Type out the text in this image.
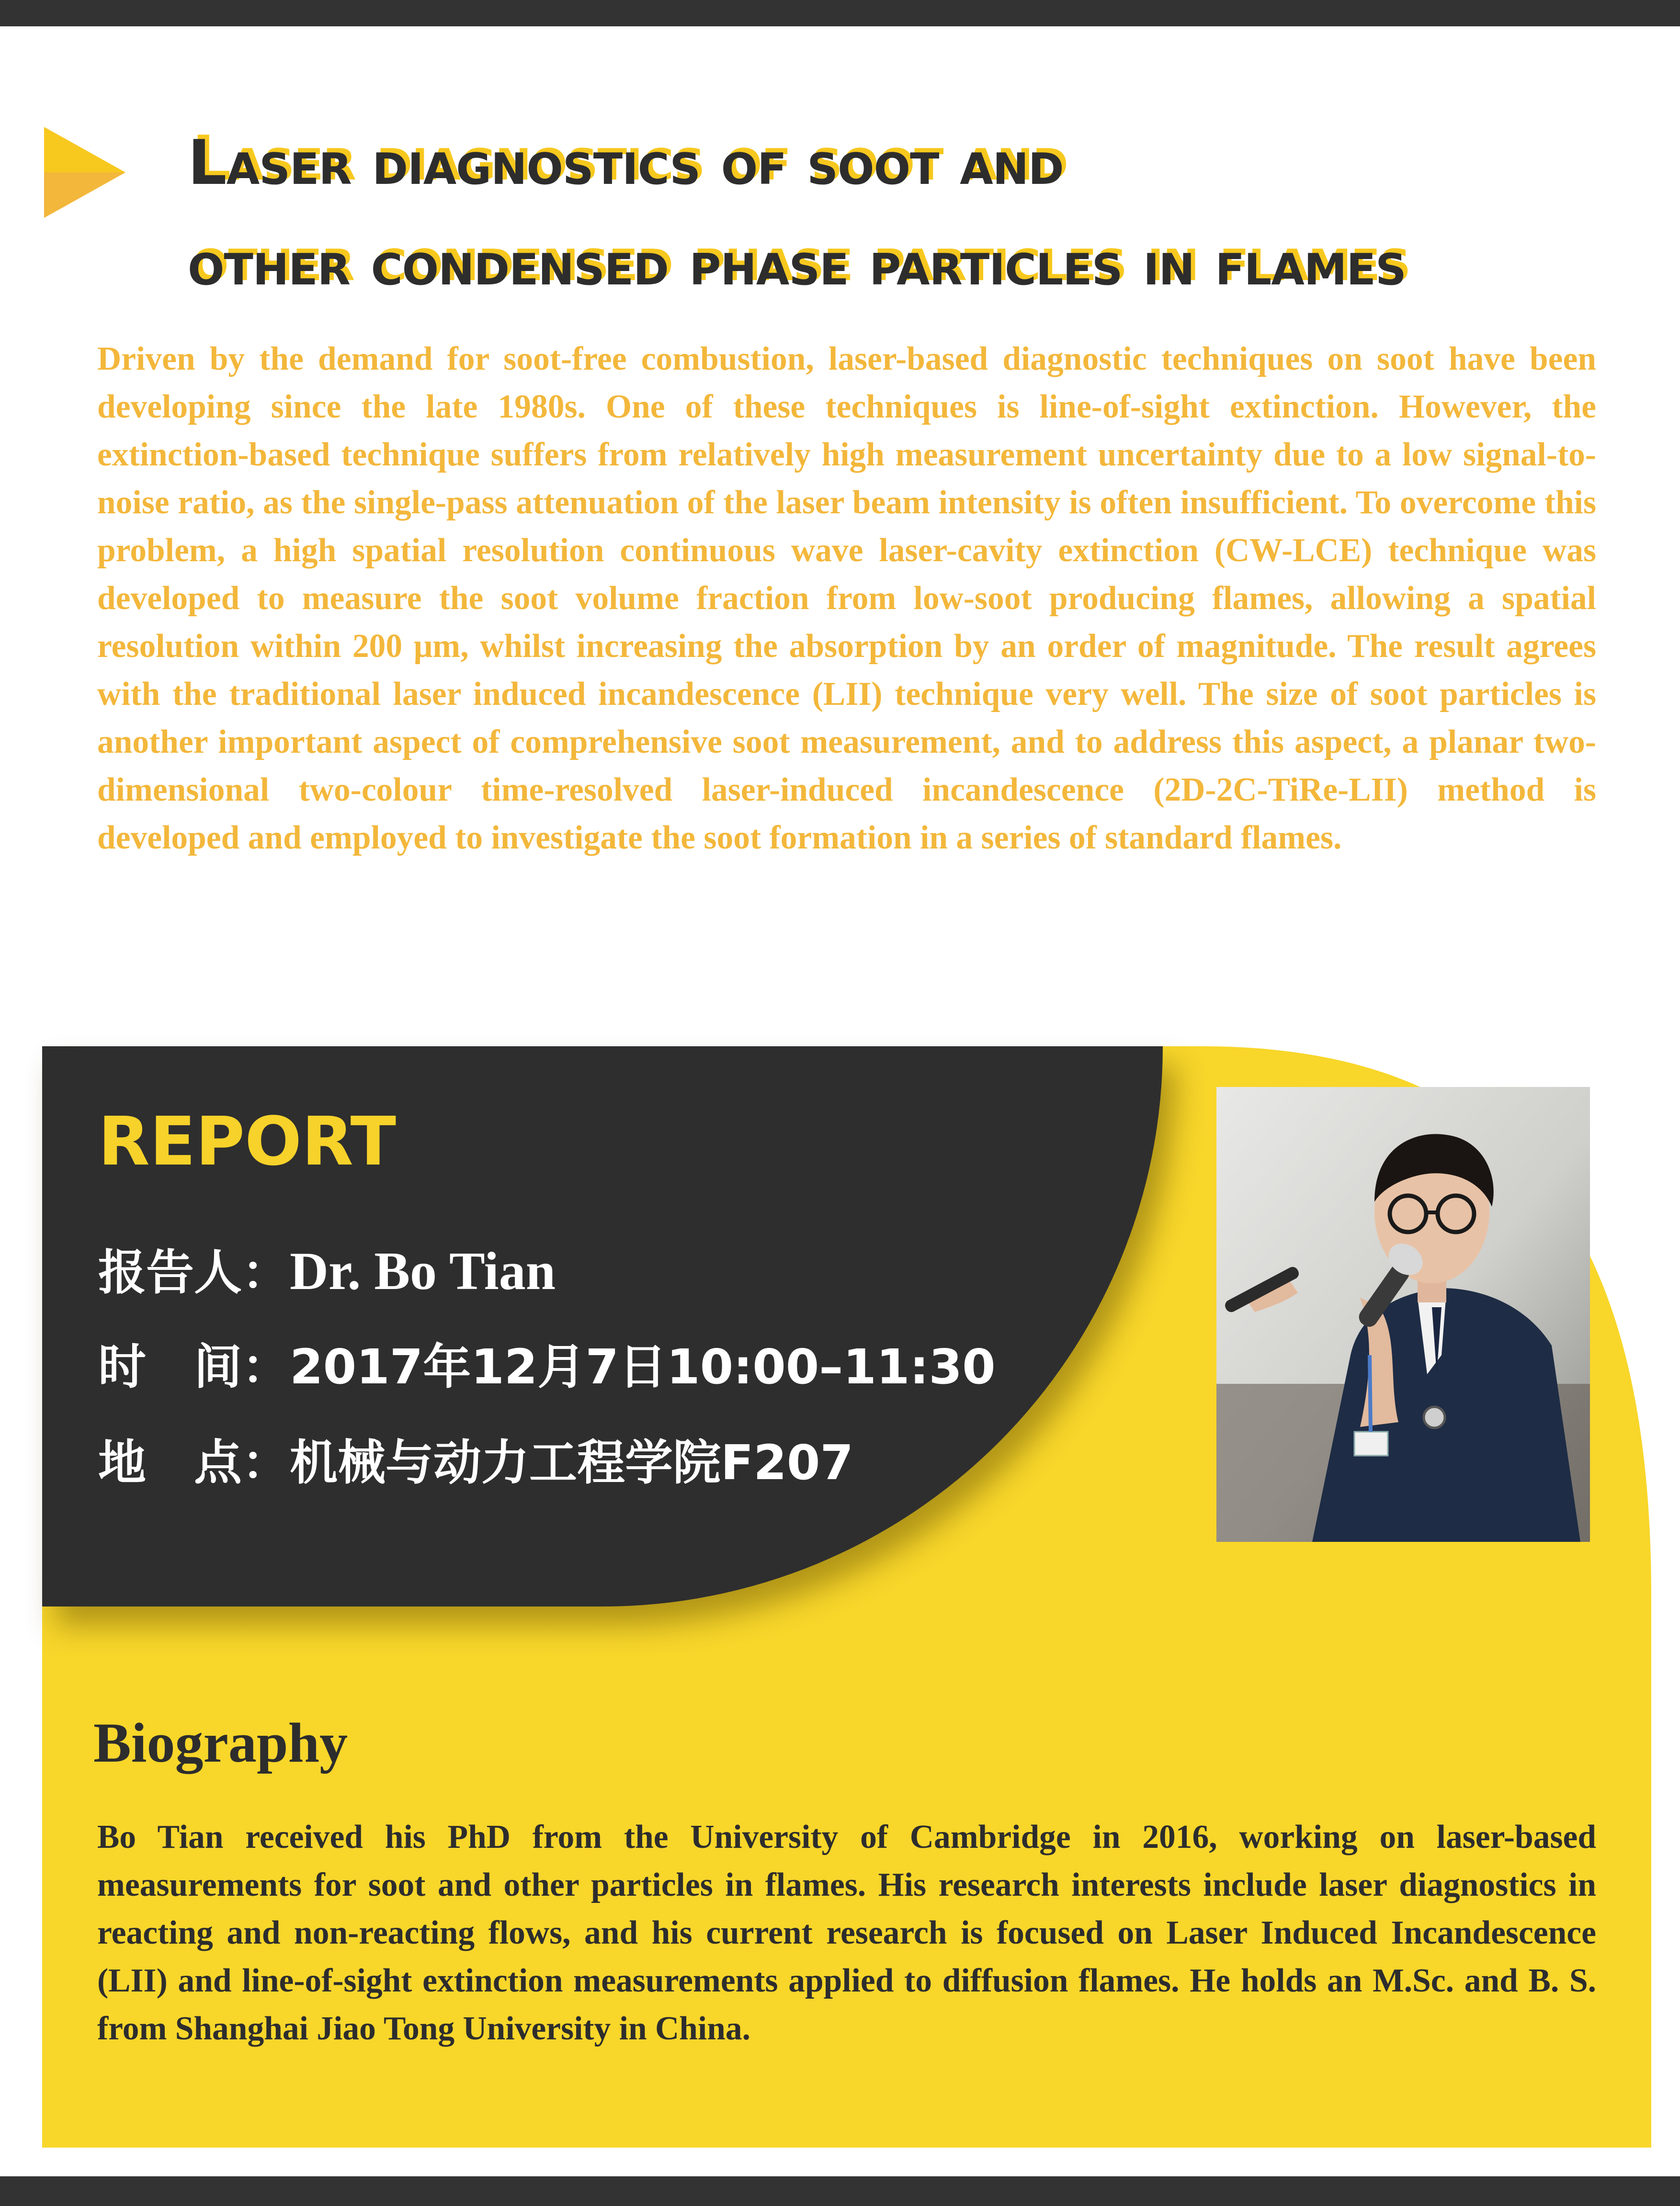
Laser diagnostics of soot and
other condensed phase particles in flames

Driven by the demand for soot-free combustion, laser-based diagnostic techniques on soot have been developing since the late 1980s. One of these techniques is line-of-sight extinction. However, the extinction-based technique suffers from relatively high measurement uncertainty due to a low signal-to-noise ratio, as the single-pass attenuation of the laser beam intensity is often insufficient. To overcome this problem, a high spatial resolution continuous wave laser-cavity extinction (CW-LCE) technique was developed to measure the soot volume fraction from low-soot producing flames, allowing a spatial resolution within 200 μm, whilst increasing the absorption by an order of magnitude. The result agrees with the traditional laser induced incandescence (LII) technique very well. The size of soot particles is another important aspect of comprehensive soot measurement, and to address this aspect, a planar two-dimensional two-colour time-resolved laser-induced incandescence (2D-2C-TiRe-LII) method is developed and employed to investigate the soot formation in a series of standard flames.

REPORT
报告人：Dr. Bo Tian
时　间：2017年12月7日10:00–11:30
地　点：机械与动力工程学院F207
Biography

Bo Tian received his PhD from the University of Cambridge in 2016, working on laser-based measurements for soot and other particles in flames. His research interests include laser diagnostics in reacting and non-reacting flows, and his current research is focused on Laser Induced Incandescence (LII) and line-of-sight extinction measurements applied to diffusion flames. He holds an M.Sc. and B. S. from Shanghai Jiao Tong University in China.
